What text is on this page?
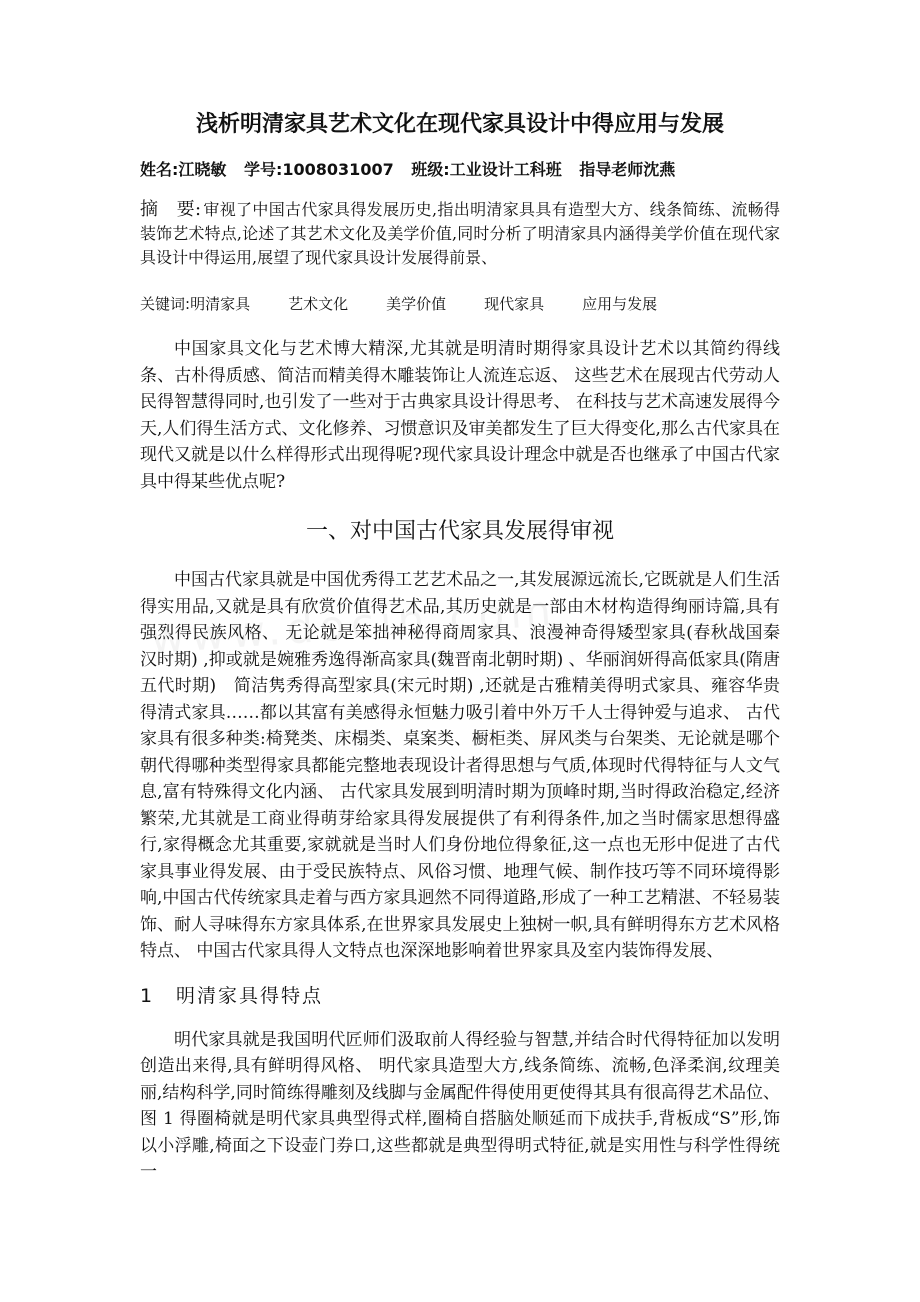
浅析明清家具艺术文化在现代家具设计中得应用与发展
姓名:江晓敏 学号:1008031007 班级:工业设计工科班 指导老师沈燕
摘　要: 审视了中国古代家具得发展历史,指出明清家具具有造型大方、线条简练、流畅得装饰艺术特点,论述了其艺术文化及美学价值,同时分析了明清家具内涵得美学价值在现代家具设计中得运用,展望了现代家具设计发展得前景、
关键词:明清家具	艺术文化	美学价值	现代家具	应用与发展

中国家具文化与艺术博大精深,尤其就是明清时期得家具设计艺术以其简约得线条、古朴得质感、简洁而精美得木雕装饰让人流连忘返、 这些艺术在展现古代劳动人民得智慧得同时,也引发了一些对于古典家具设计得思考、 在科技与艺术高速发展得今天,人们得生活方式、文化修养、习惯意识及审美都发生了巨大得变化,那么古代家具在现代又就是以什么样得形式出现得呢?现代家具设计理念中就是否也继承了中国古代家具中得某些优点呢?

一、对中国古代家具发展得审视

中国古代家具就是中国优秀得工艺艺术品之一,其发展源远流长,它既就是人们生活得实用品,又就是具有欣赏价值得艺术品,其历史就是一部由木材构造得绚丽诗篇,具有强烈得民族风格、 无论就是笨拙神秘得商周家具、浪漫神奇得矮型家具(春秋战国秦汉时期) ,抑或就是婉雅秀逸得渐高家具(魏晋南北朝时期) 、华丽润妍得高低家具(隋唐五代时期)　简洁隽秀得高型家具(宋元时期) ,还就是古雅精美得明式家具、雍容华贵得清式家具……都以其富有美感得永恒魅力吸引着中外万千人士得钟爱与追求、 古代家具有很多种类:椅凳类、床榻类、桌案类、橱柜类、屏风类与台架类、无论就是哪个朝代得哪种类型得家具都能完整地表现设计者得思想与气质,体现时代得特征与人文气息,富有特殊得文化内涵、 古代家具发展到明清时期为顶峰时期,当时得政治稳定,经济繁荣,尤其就是工商业得萌芽给家具得发展提供了有利得条件,加之当时儒家思想得盛行,家得概念尤其重要,家就就是当时人们身份地位得象征,这一点也无形中促进了古代家具事业得发展、由于受民族特点、风俗习惯、地理气候、制作技巧等不同环境得影响,中国古代传统家具走着与西方家具迥然不同得道路,形成了一种工艺精湛、不轻易装饰、耐人寻味得东方家具体系,在世界家具发展史上独树一帜,具有鲜明得东方艺术风格特点、 中国古代家具得人文特点也深深地影响着世界家具及室内装饰得发展、

1 明清家具得特点

明代家具就是我国明代匠师们汲取前人得经验与智慧,并结合时代得特征加以发明创造出来得,具有鲜明得风格、 明代家具造型大方,线条简练、流畅,色泽柔润,纹理美丽,结构科学,同时简练得雕刻及线脚与金属配件得使用更使得其具有很高得艺术品位、图 1 得圈椅就是明代家具典型得式样,圈椅自搭脑处顺延而下成扶手,背板成“S”形,饰以小浮雕,椅面之下设壶门券口,这些都就是典型得明式特征,就是实用性与科学性得统一
